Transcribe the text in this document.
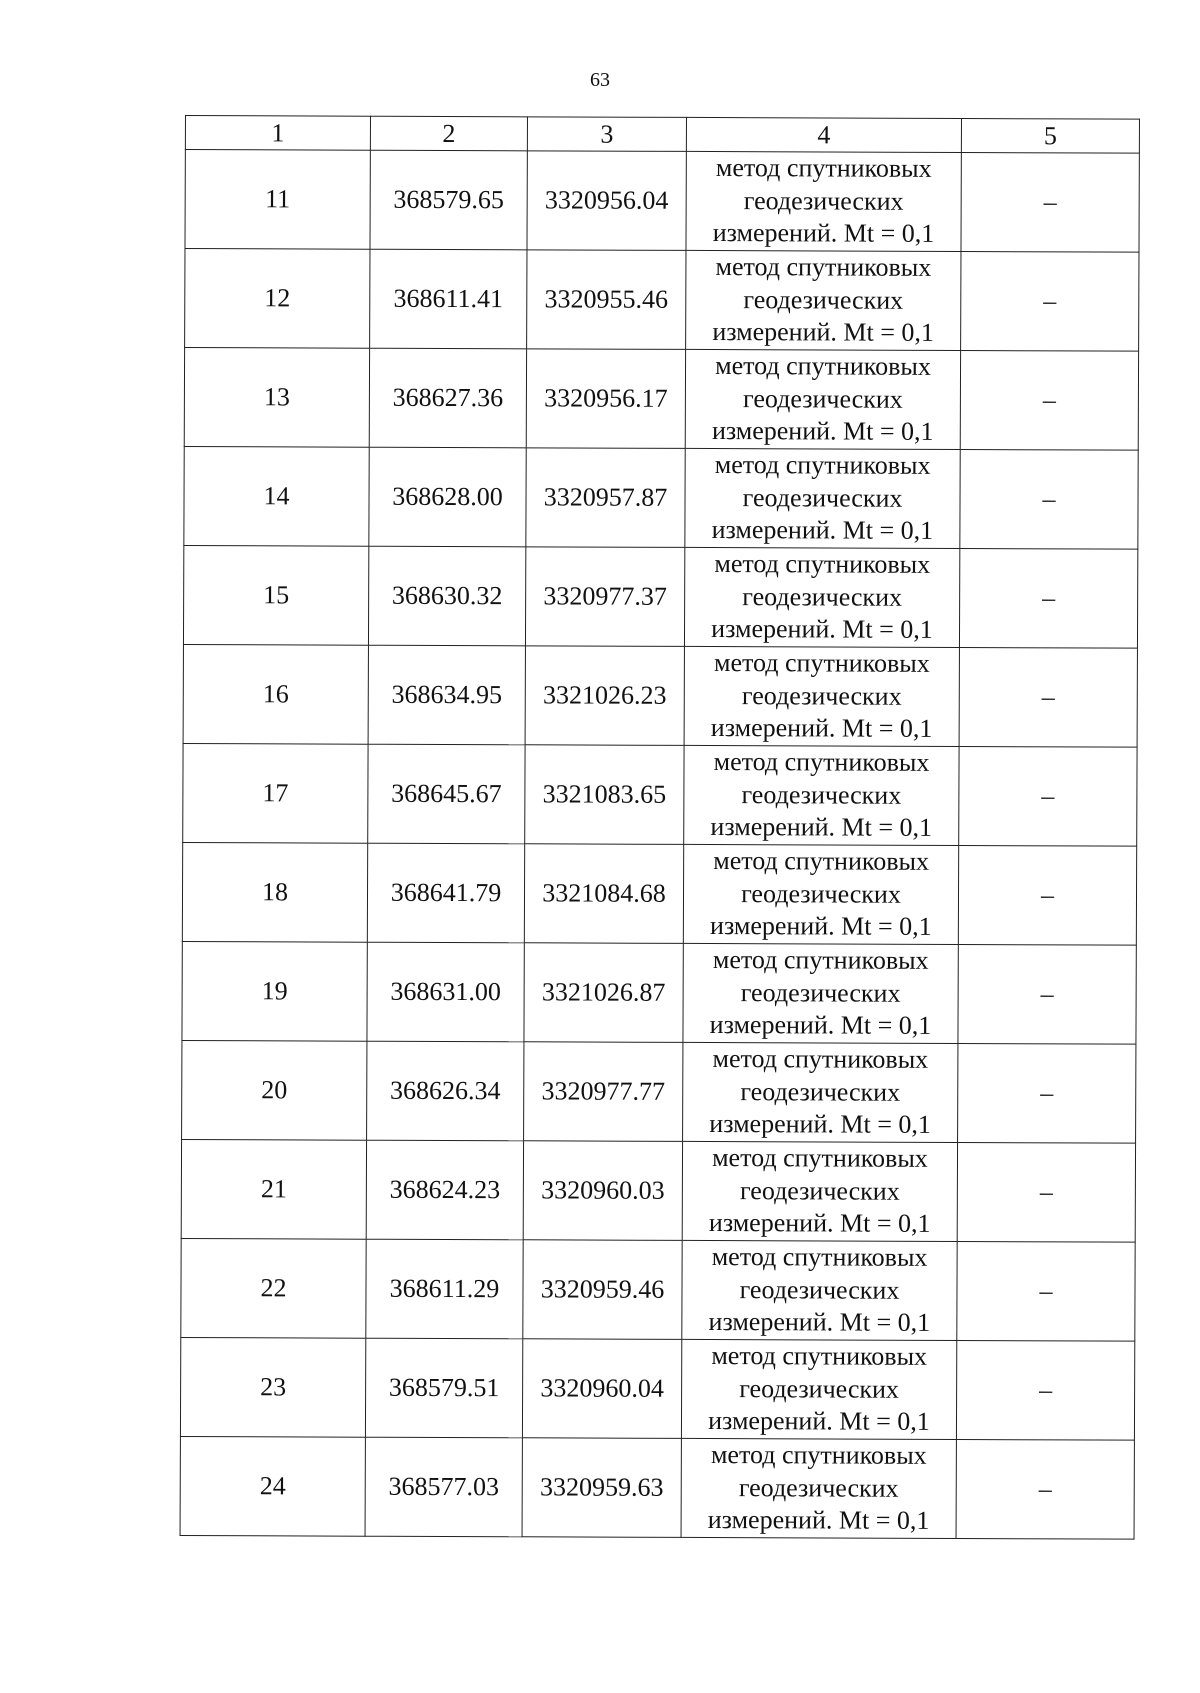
63
1	2	3	4	5
11	368579.65	3320956.04	метод спутниковых
геодезических
измерений. Mt = 0,1	–
12	368611.41	3320955.46	метод спутниковых
геодезических
измерений. Mt = 0,1	–
13	368627.36	3320956.17	метод спутниковых
геодезических
измерений. Mt = 0,1	–
14	368628.00	3320957.87	метод спутниковых
геодезических
измерений. Mt = 0,1	–
15	368630.32	3320977.37	метод спутниковых
геодезических
измерений. Mt = 0,1	–
16	368634.95	3321026.23	метод спутниковых
геодезических
измерений. Mt = 0,1	–
17	368645.67	3321083.65	метод спутниковых
геодезических
измерений. Mt = 0,1	–
18	368641.79	3321084.68	метод спутниковых
геодезических
измерений. Mt = 0,1	–
19	368631.00	3321026.87	метод спутниковых
геодезических
измерений. Mt = 0,1	–
20	368626.34	3320977.77	метод спутниковых
геодезических
измерений. Mt = 0,1	–
21	368624.23	3320960.03	метод спутниковых
геодезических
измерений. Mt = 0,1	–
22	368611.29	3320959.46	метод спутниковых
геодезических
измерений. Mt = 0,1	–
23	368579.51	3320960.04	метод спутниковых
геодезических
измерений. Mt = 0,1	–
24	368577.03	3320959.63	метод спутниковых
геодезических
измерений. Mt = 0,1	–
